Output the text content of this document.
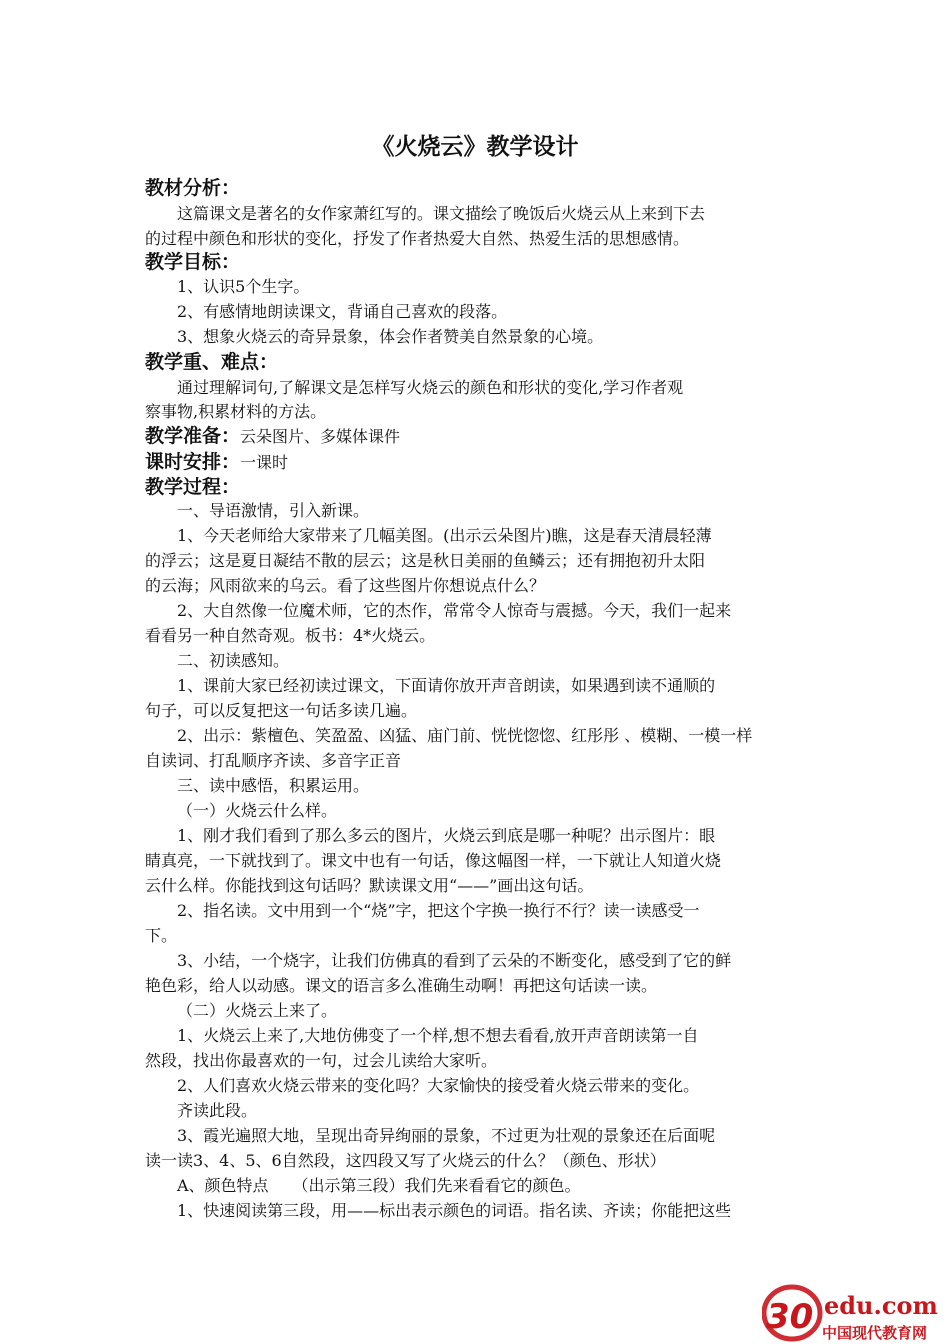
《火烧云》教学设计
教材分析：
这篇课文是著名的女作家萧红写的。课文描绘了晚饭后火烧云从上来到下去
的过程中颜色和形状的变化，抒发了作者热爱大自然、热爱生活的思想感情。
教学目标：
1、认识5个生字。
2、有感情地朗读课文，背诵自己喜欢的段落。
3、想象火烧云的奇异景象，体会作者赞美自然景象的心境。
教学重、难点：
通过理解词句,了解课文是怎样写火烧云的颜色和形状的变化,学习作者观
察事物,积累材料的方法。
教学准备：云朵图片、多媒体课件
课时安排：一课时
教学过程：
一、导语激情，引入新课。
1、今天老师给大家带来了几幅美图。(出示云朵图片)瞧，这是春天清晨轻薄
的浮云；这是夏日凝结不散的层云；这是秋日美丽的鱼鳞云；还有拥抱初升太阳
的云海；风雨欲来的乌云。看了这些图片你想说点什么？
2、大自然像一位魔术师，它的杰作，常常令人惊奇与震撼。今天，我们一起来
看看另一种自然奇观。板书：4*火烧云。
二、初读感知。
1、课前大家已经初读过课文，下面请你放开声音朗读，如果遇到读不通顺的
句子，可以反复把这一句话多读几遍。
2、出示：紫檀色、笑盈盈、凶猛、庙门前、恍恍惚惚、红彤彤 、模糊、一模一样
自读词、打乱顺序齐读、多音字正音
三、读中感悟，积累运用。
（一）火烧云什么样。
1、刚才我们看到了那么多云的图片，火烧云到底是哪一种呢？出示图片：眼
睛真亮，一下就找到了。课文中也有一句话，像这幅图一样，一下就让人知道火烧
云什么样。你能找到这句话吗？默读课文用“——”画出这句话。
2、指名读。文中用到一个“烧”字，把这个字换一换行不行？读一读感受一
下。
3、小结，一个烧字，让我们仿佛真的看到了云朵的不断变化，感受到了它的鲜
艳色彩，给人以动感。课文的语言多么准确生动啊！再把这句话读一读。
（二）火烧云上来了。
1、火烧云上来了,大地仿佛变了一个样,想不想去看看,放开声音朗读第一自
然段，找出你最喜欢的一句，过会儿读给大家听。
2、人们喜欢火烧云带来的变化吗？大家愉快的接受着火烧云带来的变化。
齐读此段。
3、霞光遍照大地，呈现出奇异绚丽的景象，不过更为壮观的景象还在后面呢
读一读3、4、5、6自然段，这四段又写了火烧云的什么？（颜色、形状）
A、颜色特点　　（出示第三段）我们先来看看它的颜色。
1、快速阅读第三段，用——标出表示颜色的词语。指名读、齐读；你能把这些
30 edu.com
中国现代教育网
